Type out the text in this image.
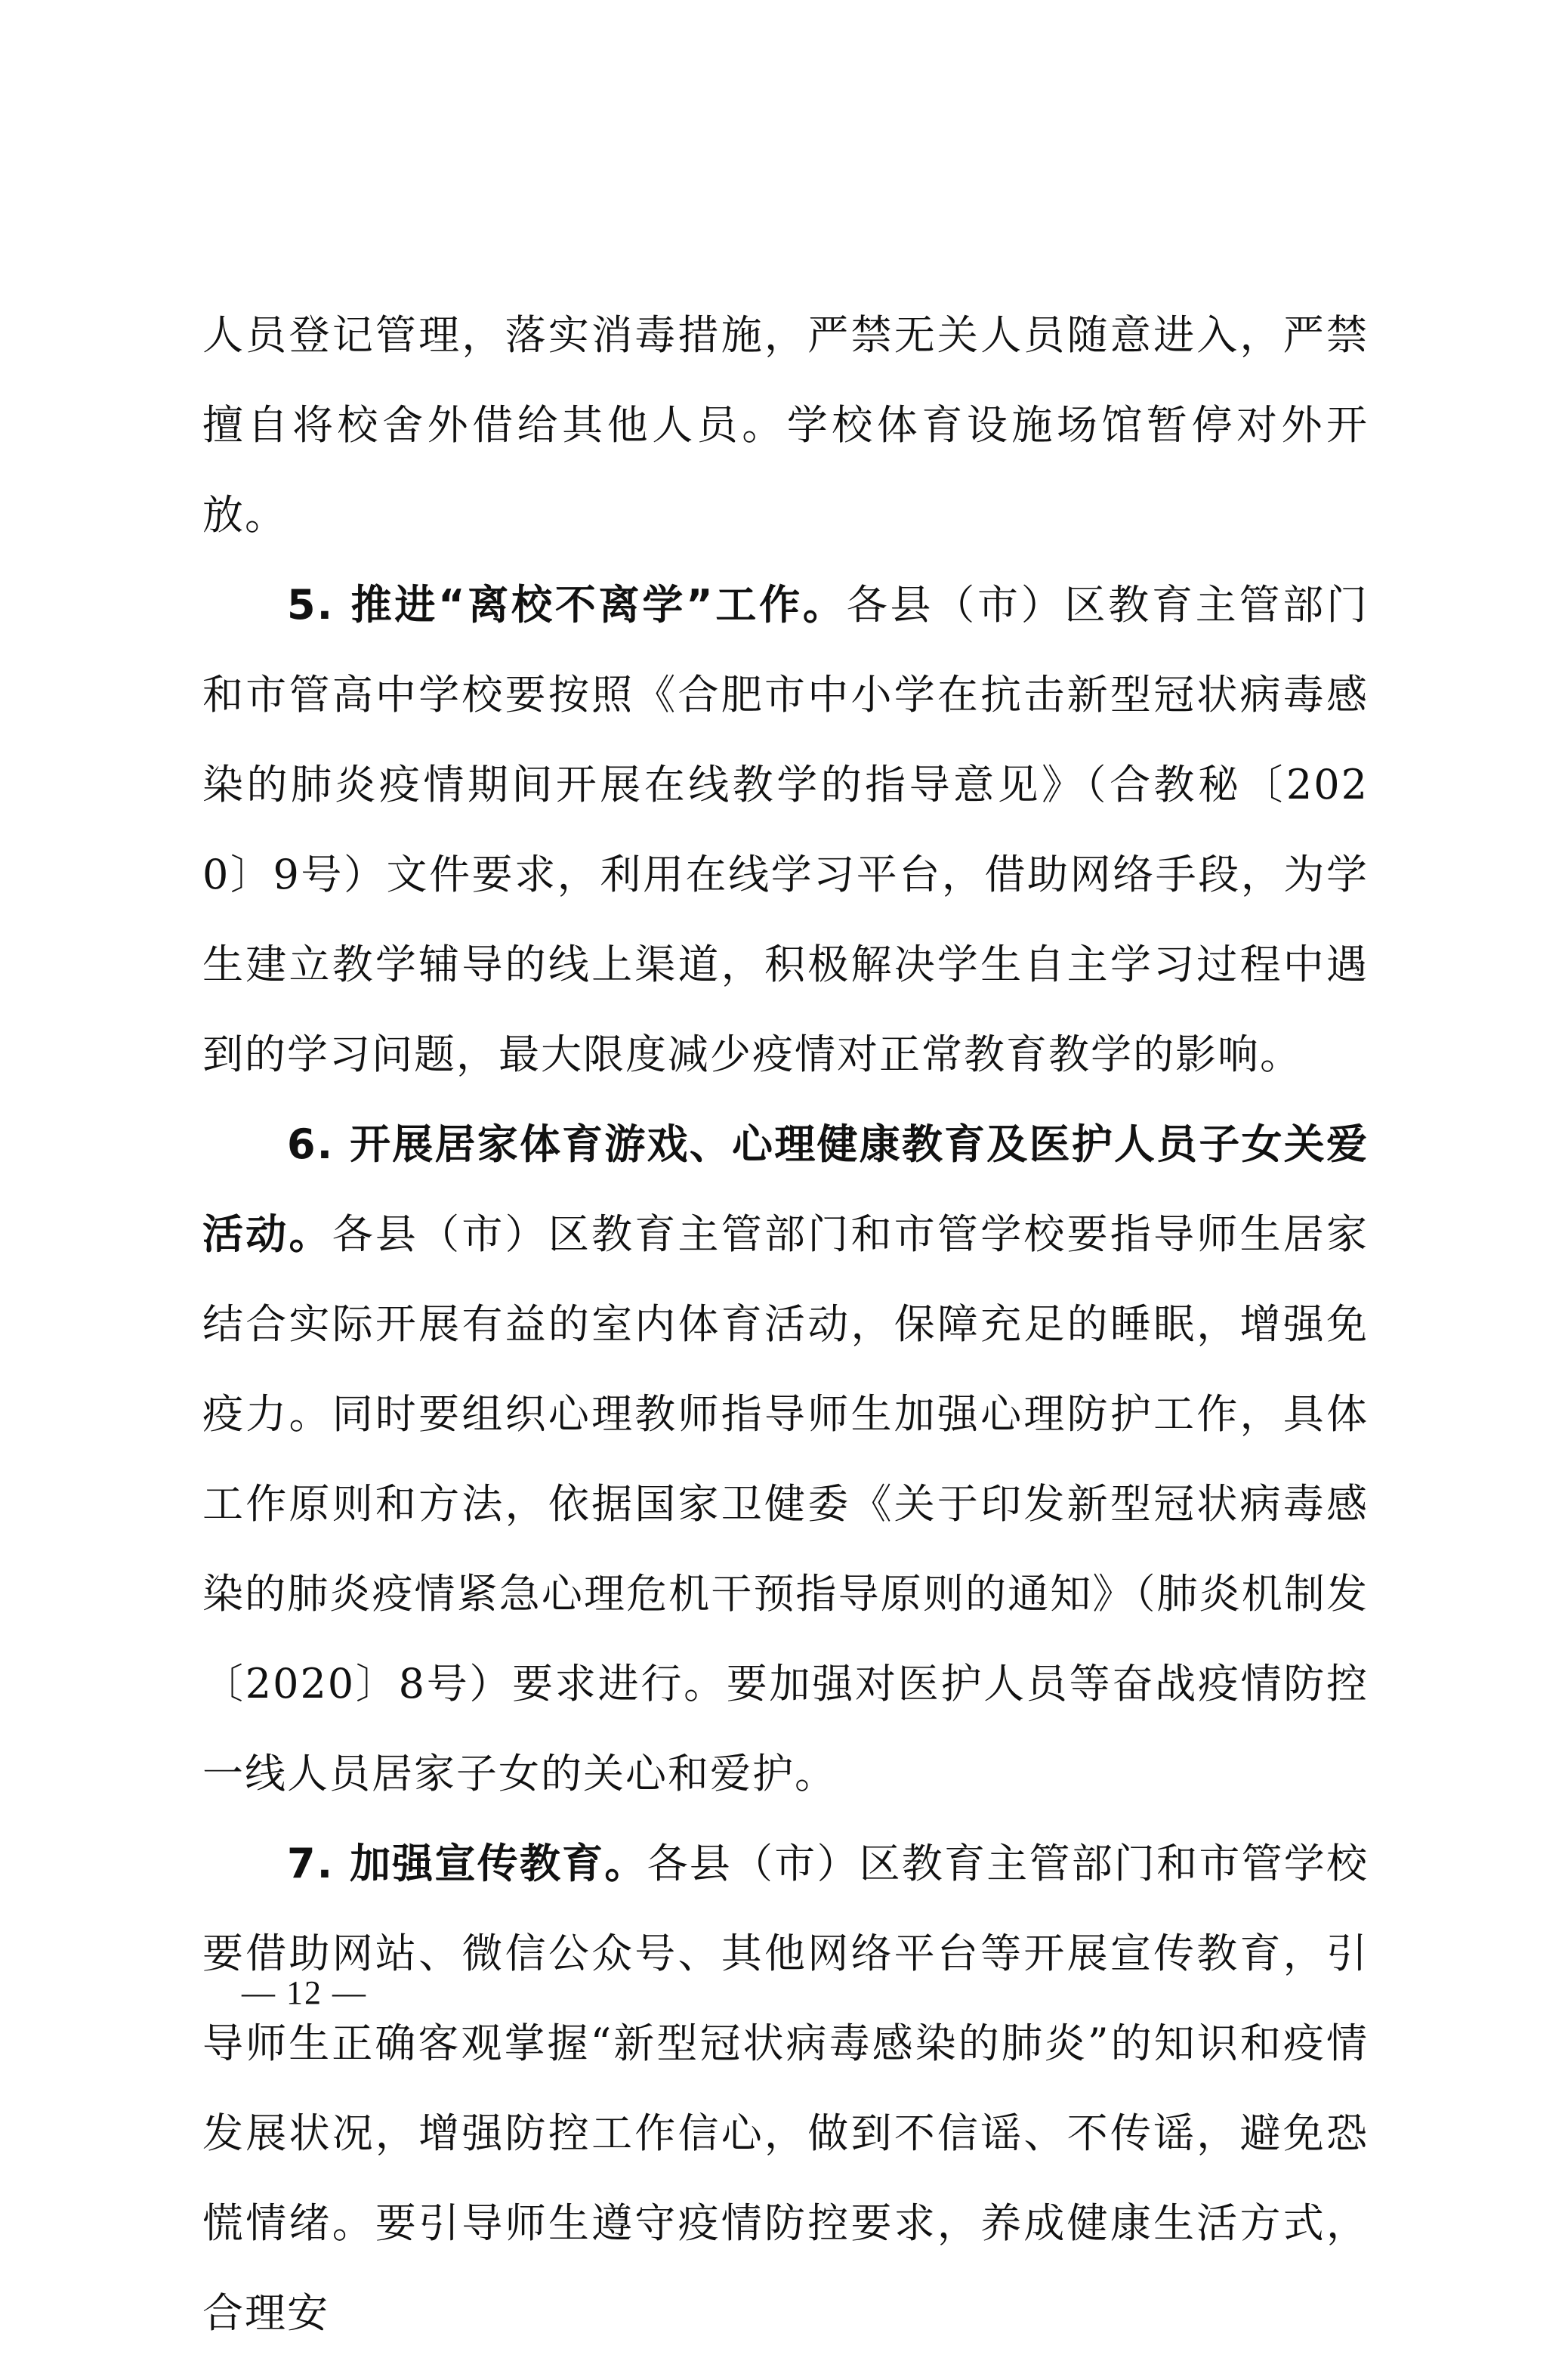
人员登记管理，落实消毒措施，严禁无关人员随意进入，严禁擅自将校舍外借给其他人员。学校体育设施场馆暂停对外开放。

5. 推进“离校不离学”工作。各县（市）区教育主管部门和市管高中学校要按照《合肥市中小学在抗击新型冠状病毒感染的肺炎疫情期间开展在线教学的指导意见》（合教秘〔2020〕9号）文件要求，利用在线学习平台，借助网络手段，为学生建立教学辅导的线上渠道，积极解决学生自主学习过程中遇到的学习问题，最大限度减少疫情对正常教育教学的影响。

6. 开展居家体育游戏、心理健康教育及医护人员子女关爱活动。各县（市）区教育主管部门和市管学校要指导师生居家结合实际开展有益的室内体育活动，保障充足的睡眠，增强免疫力。同时要组织心理教师指导师生加强心理防护工作，具体工作原则和方法，依据国家卫健委《关于印发新型冠状病毒感染的肺炎疫情紧急心理危机干预指导原则的通知》（肺炎机制发〔2020〕8号）要求进行。要加强对医护人员等奋战疫情防控一线人员居家子女的关心和爱护。

7. 加强宣传教育。各县（市）区教育主管部门和市管学校要借助网站、微信公众号、其他网络平台等开展宣传教育，引导师生正确客观掌握“新型冠状病毒感染的肺炎”的知识和疫情发展状况，增强防控工作信心，做到不信谣、不传谣，避免恐慌情绪。要引导师生遵守疫情防控要求，养成健康生活方式，合理安

— 12 —
